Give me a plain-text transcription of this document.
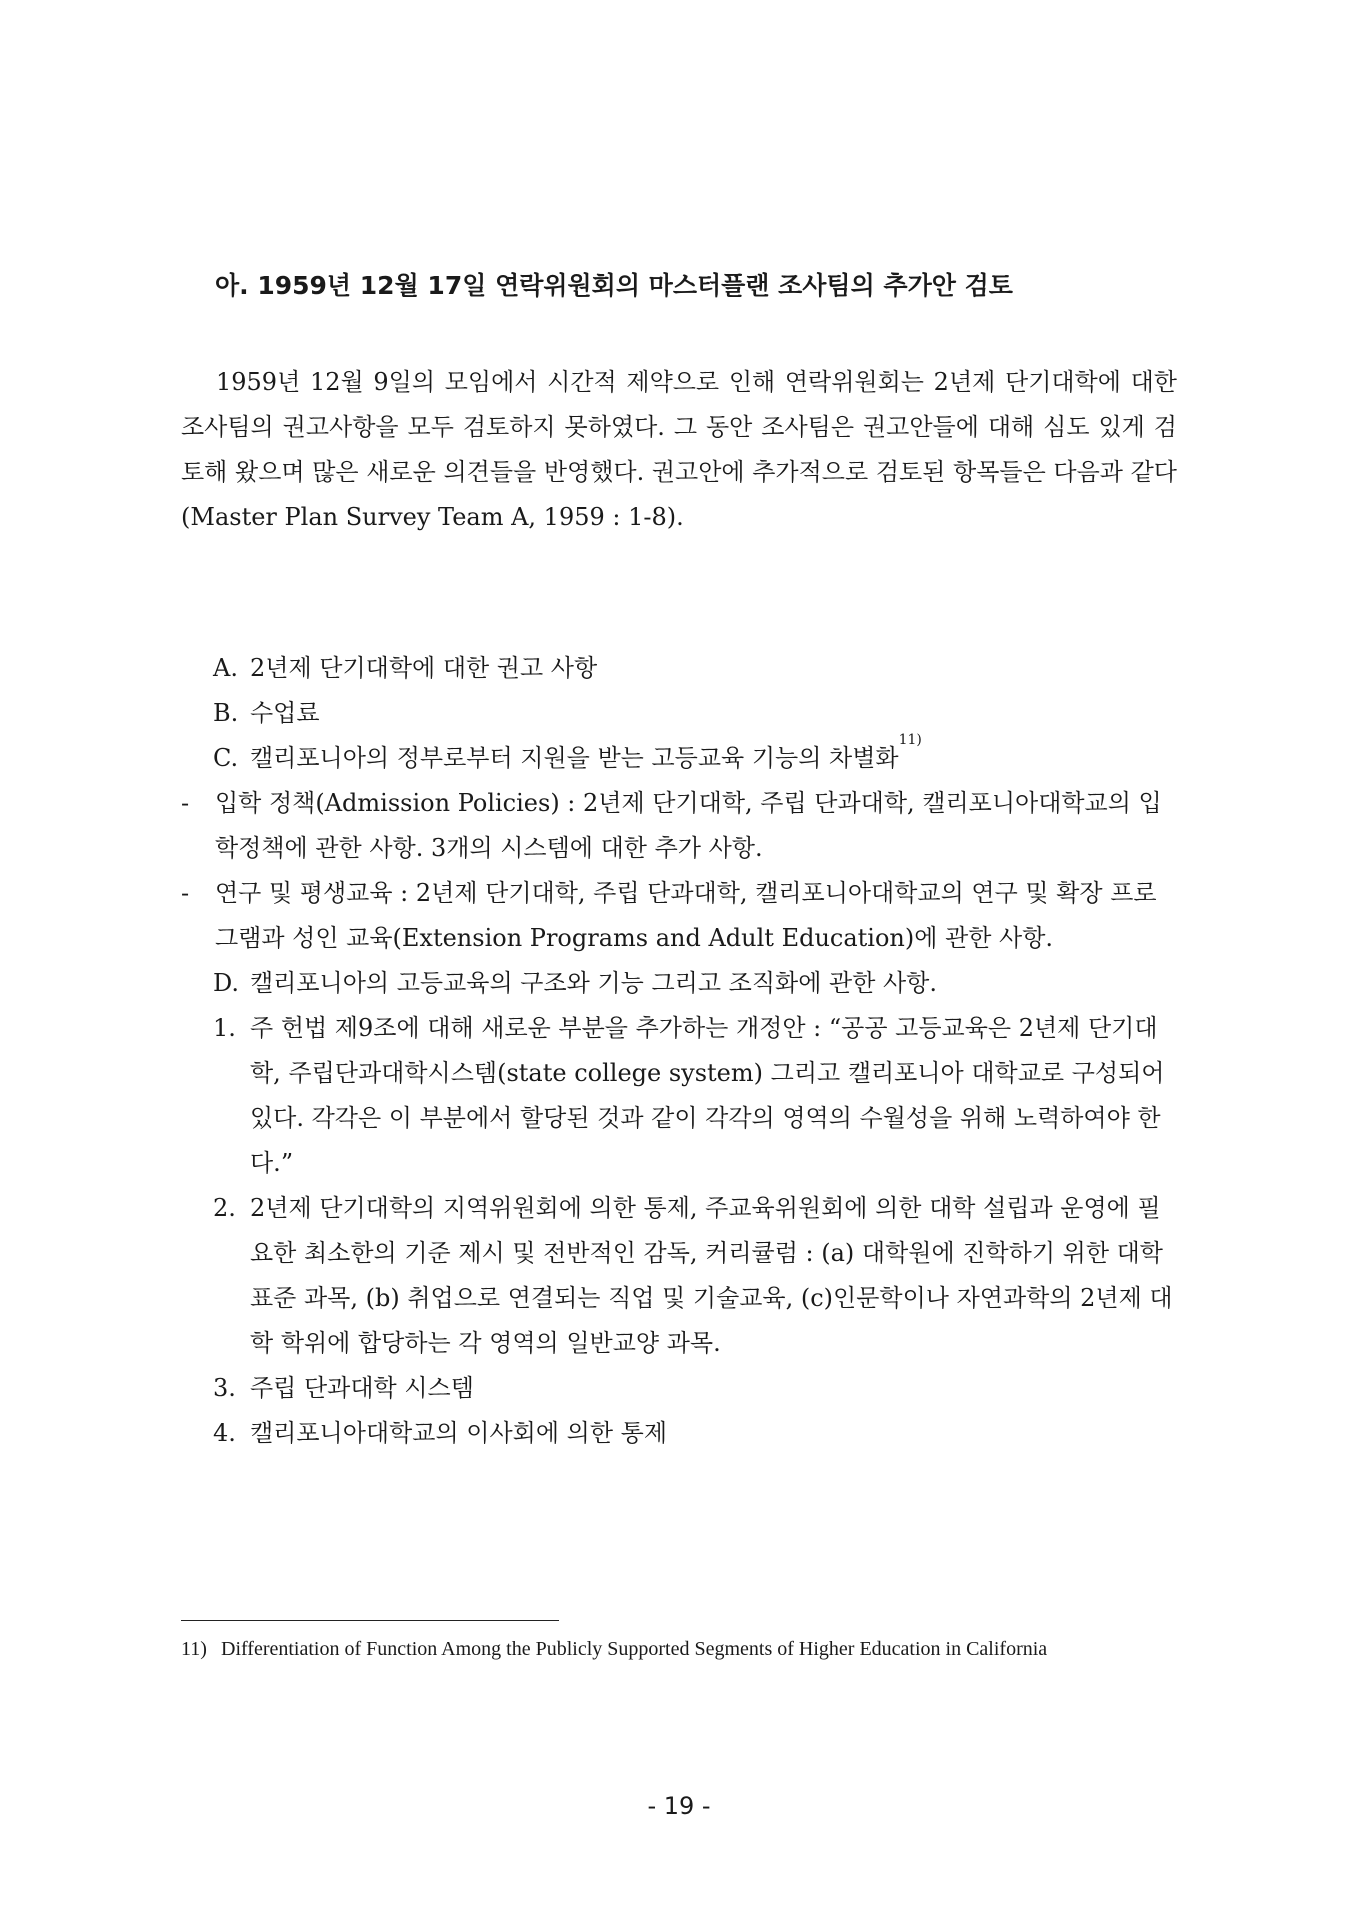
아. 1959년 12월 17일 연락위원회의 마스터플랜 조사팀의 추가안 검토
1959년 12월 9일의 모임에서 시간적 제약으로 인해 연락위원회는 2년제 단기대학에 대한 조사팀의 권고사항을 모두 검토하지 못하였다. 그 동안 조사팀은 권고안들에 대해 심도 있게 검토해 왔으며 많은 새로운 의견들을 반영했다. 권고안에 추가적으로 검토된 항목들은 다음과 같다(Master Plan Survey Team A, 1959 : 1-8).
A. 2년제 단기대학에 대한 권고 사항
B. 수업료
C. 캘리포니아의 정부로부터 지원을 받는 고등교육 기능의 차별화$^{11)}$
- 입학 정책(Admission Policies) : 2년제 단기대학, 주립 단과대학, 캘리포니아대학교의 입학정책에 관한 사항. 3개의 시스템에 대한 추가 사항.
- 연구 및 평생교육 : 2년제 단기대학, 주립 단과대학, 캘리포니아대학교의 연구 및 확장 프로그램과 성인 교육(Extension Programs and Adult Education)에 관한 사항.
D. 캘리포니아의 고등교육의 구조와 기능 그리고 조직화에 관한 사항.
1. 주 헌법 제9조에 대해 새로운 부분을 추가하는 개정안 : “공공 고등교육은 2년제 단기대학, 주립단과대학시스템(state college system) 그리고 캘리포니아 대학교로 구성되어 있다. 각각은 이 부분에서 할당된 것과 같이 각각의 영역의 수월성을 위해 노력하여야 한다.”
2. 2년제 단기대학의 지역위원회에 의한 통제, 주교육위원회에 의한 대학 설립과 운영에 필요한 최소한의 기준 제시 및 전반적인 감독, 커리큘럼 : (a) 대학원에 진학하기 위한 대학 표준 과목, (b) 취업으로 연결되는 직업 및 기술교육, (c)인문학이나 자연과학의 2년제 대학 학위에 합당하는 각 영역의 일반교양 과목.
3. 주립 단과대학 시스템
4. 캘리포니아대학교의 이사회에 의한 통제
11) Differentiation of Function Among the Publicly Supported Segments of Higher Education in California
- 19 -
